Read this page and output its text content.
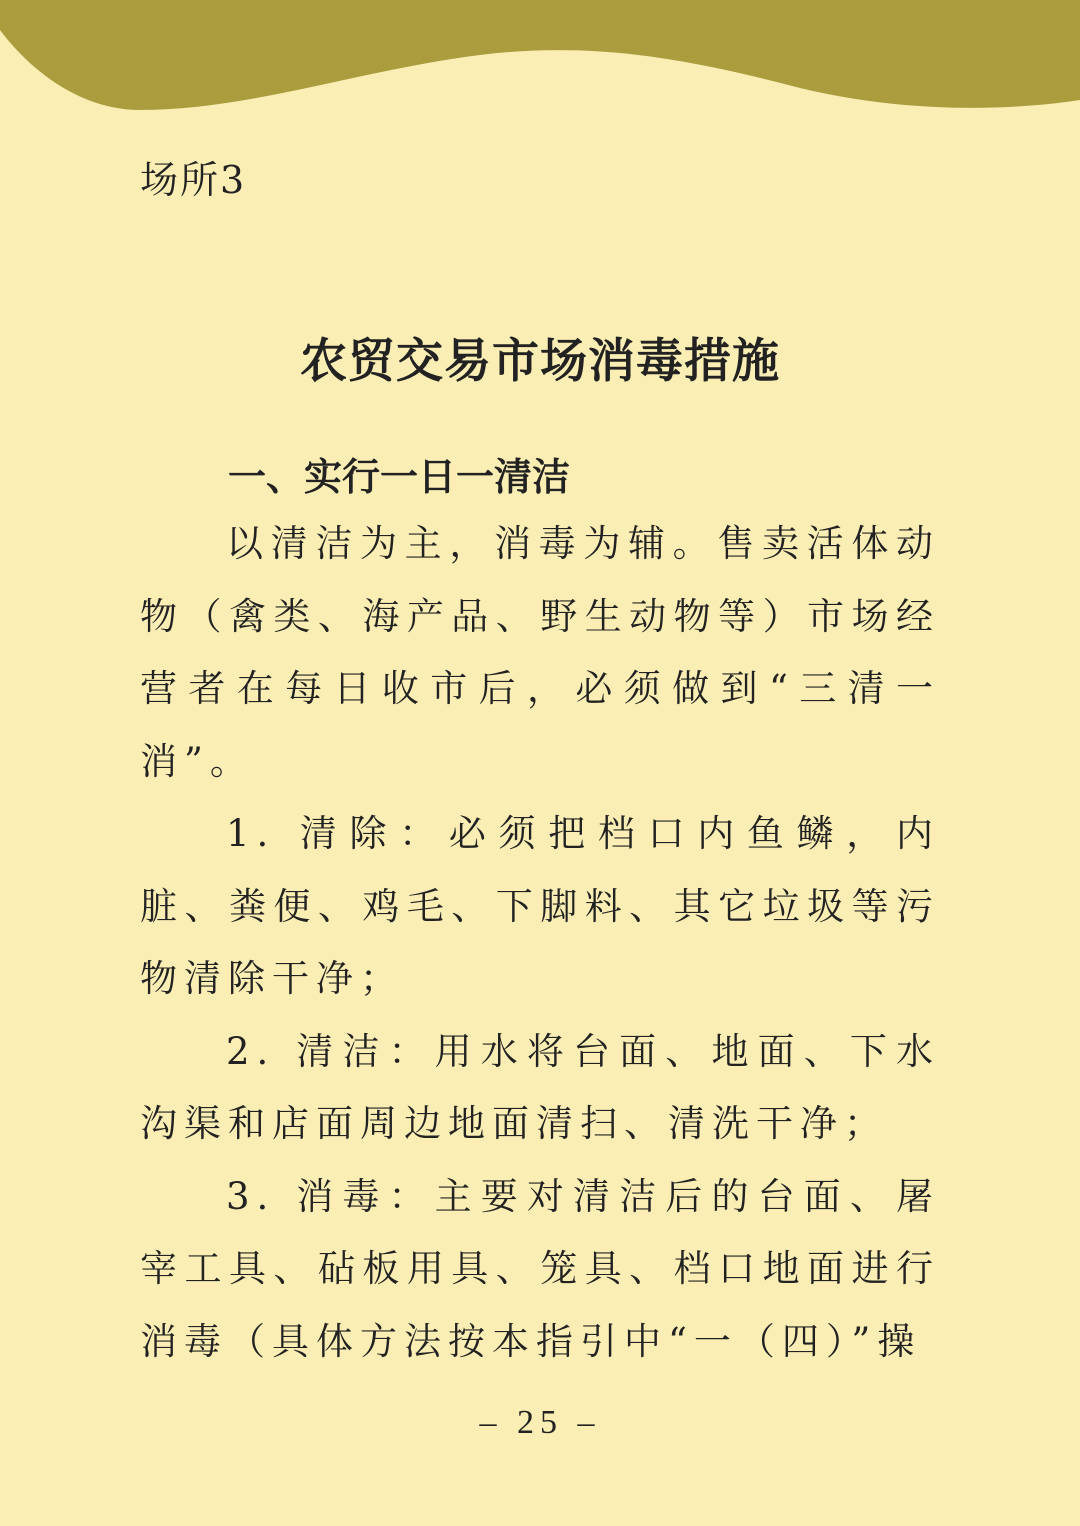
场所3
农贸交易市场消毒措施
一、实行一日一清洁

以清洁为主，消毒为辅。售卖活体动物（禽类、海产品、野生动物等）市场经营者在每日收市后，必须做到“三清一消”。

1. 清除：必须把档口内鱼鳞，内脏、粪便、鸡毛、下脚料、其它垃圾等污物清除干净；

2. 清洁：用水将台面、地面、下水沟渠和店面周边地面清扫、清洗干净；

3. 消毒：主要对清洁后的台面、屠宰工具、砧板用具、笼具、档口地面进行消毒（具体方法按本指引中“一（四）”操

– 25 –
